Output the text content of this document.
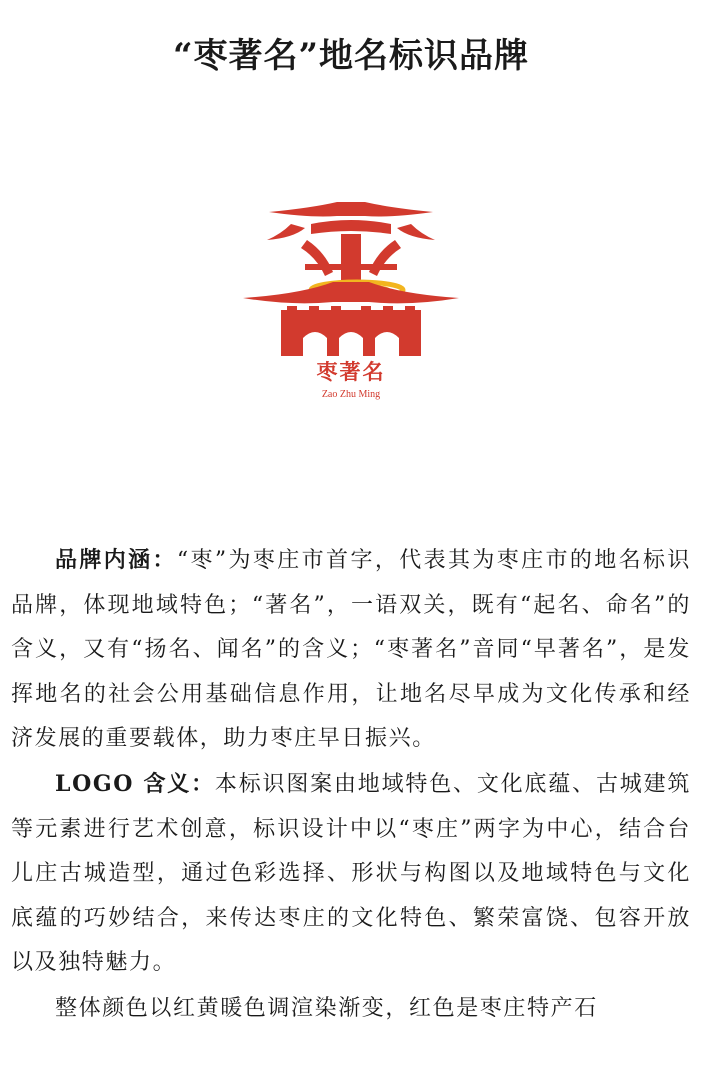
“枣著名”地名标识品牌
枣著名
Zao Zhu Ming

品牌内涵：“枣”为枣庄市首字，代表其为枣庄市的地名标识品牌，体现地域特色；“著名”，一语双关，既有“起名、命名”的含义，又有“扬名、闻名”的含义；“枣著名”音同“早著名”，是发挥地名的社会公用基础信息作用，让地名尽早成为文化传承和经济发展的重要载体，助力枣庄早日振兴。

LOGO 含义：本标识图案由地域特色、文化底蕴、古城建筑等元素进行艺术创意，标识设计中以“枣庄”两字为中心，结合台儿庄古城造型，通过色彩选择、形状与构图以及地域特色与文化底蕴的巧妙结合，来传达枣庄的文化特色、繁荣富饶、包容开放以及独特魅力。

整体颜色以红黄暖色调渲染渐变，红色是枣庄特产石
